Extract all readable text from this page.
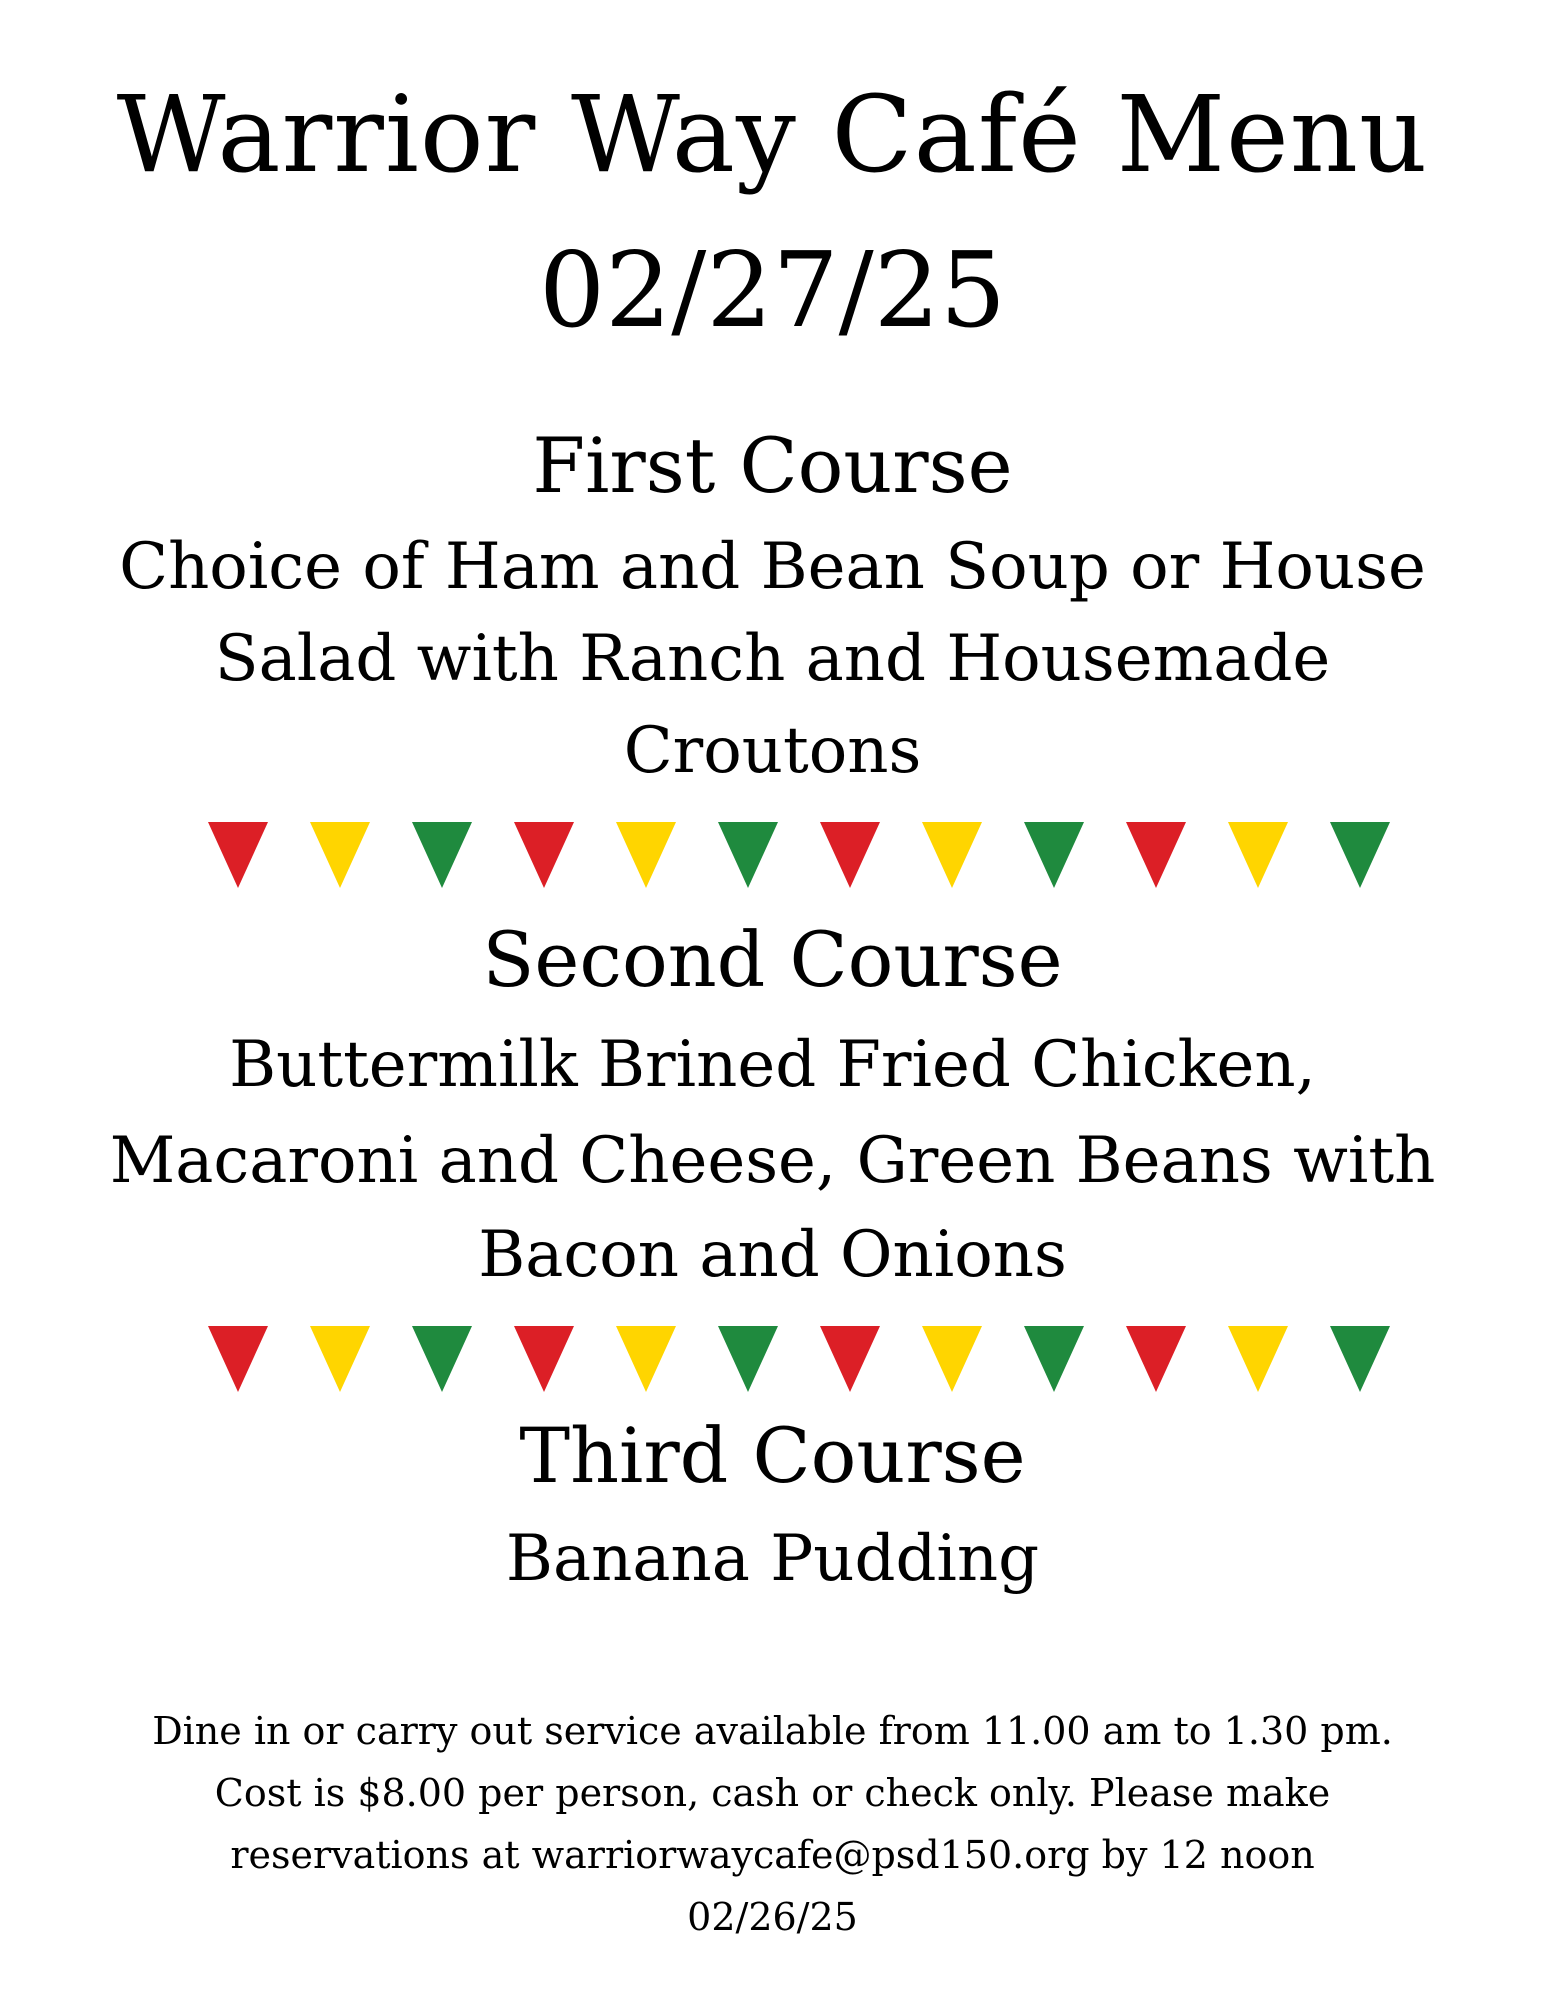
Warrior Way Café Menu
02/27/25
First Course
Choice of Ham and Bean Soup or House
Salad with Ranch and Housemade
Croutons
Second Course
Buttermilk Brined Fried Chicken,
Macaroni and Cheese, Green Beans with
Bacon and Onions
Third Course
Banana Pudding
Dine in or carry out service available from 11.00 am to 1.30 pm.
Cost is $8.00 per person, cash or check only. Please make
reservations at warriorwaycafe@psd150.org by 12 noon
02/26/25
